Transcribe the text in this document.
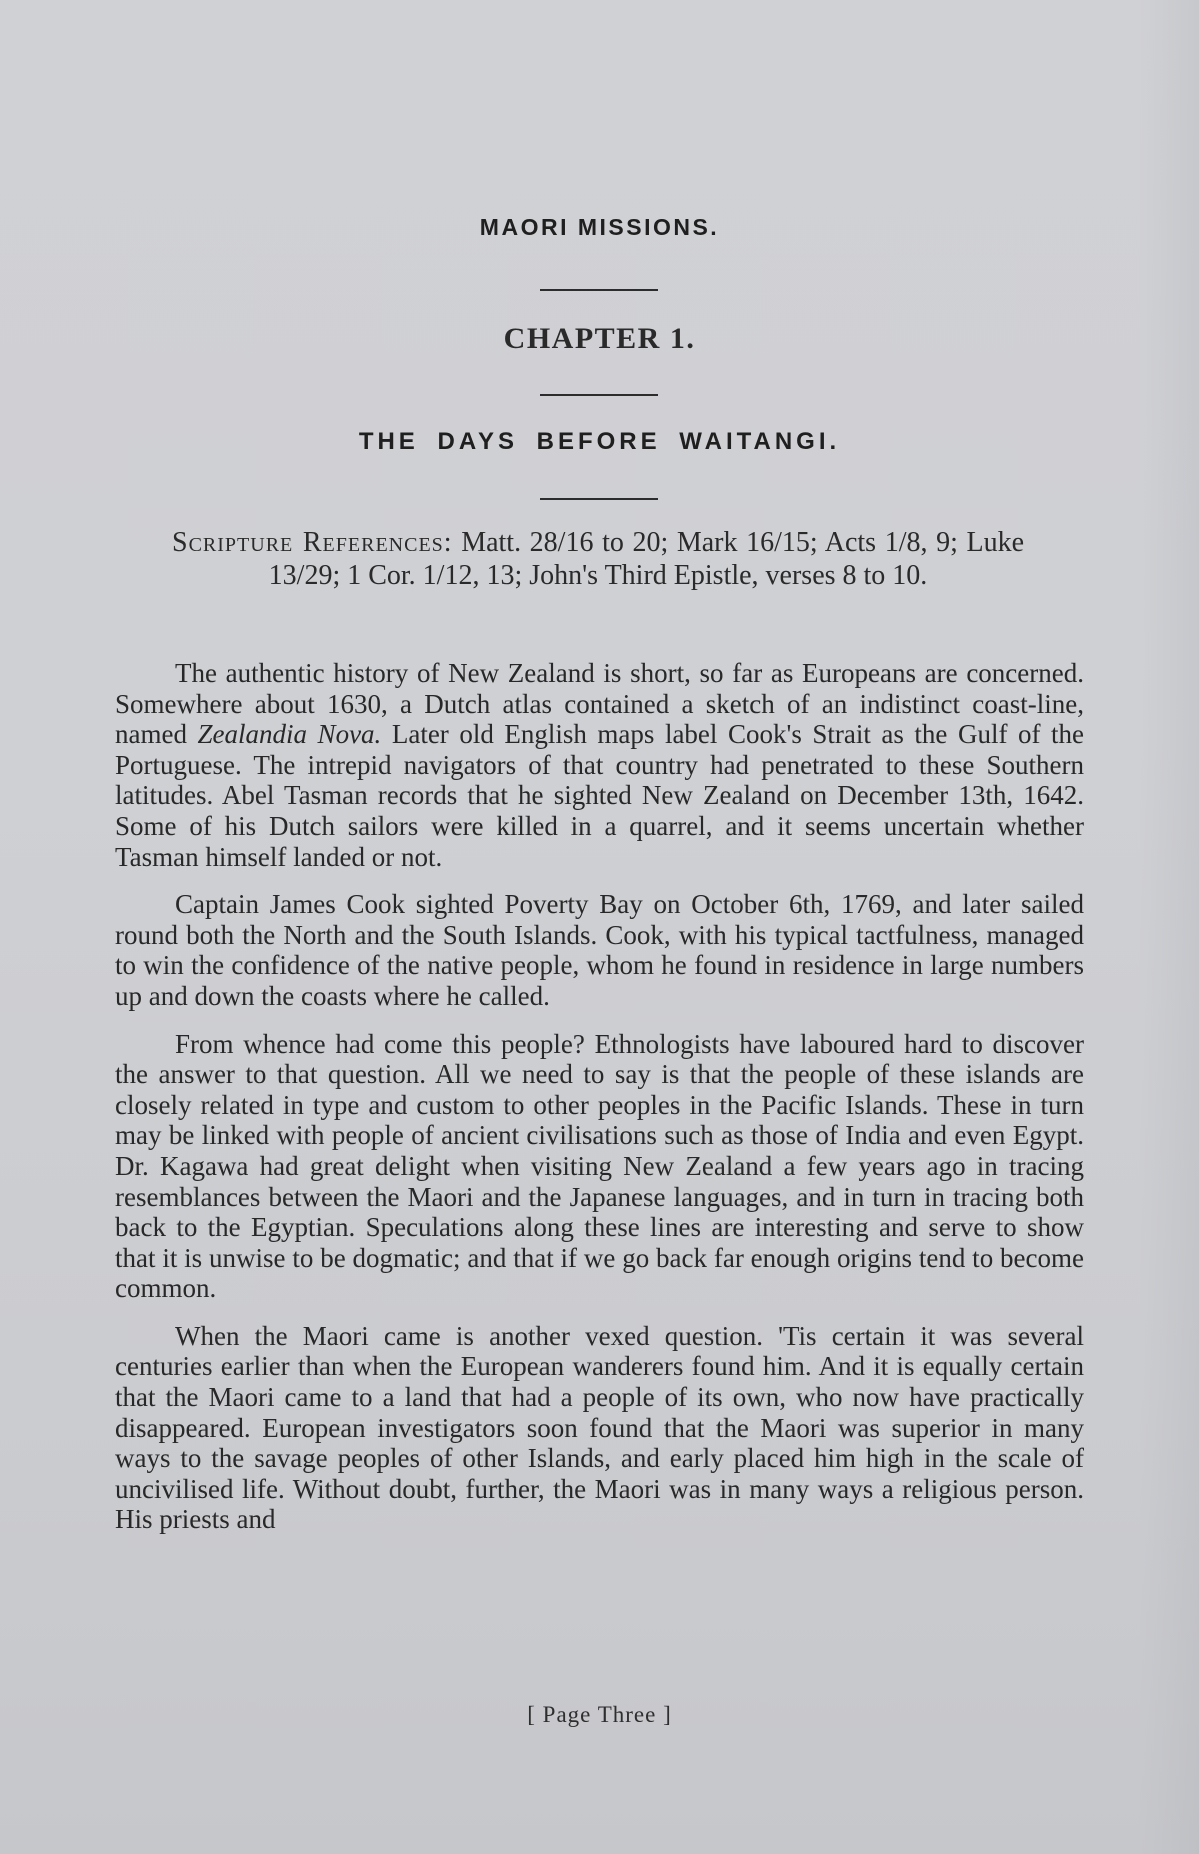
MAORI MISSIONS.
CHAPTER 1.
THE DAYS BEFORE WAITANGI.

Scripture References: Matt. 28/16 to 20; Mark 16/15; Acts 1/8, 9; Luke 13/29; 1 Cor. 1/12, 13; John's Third Epistle, verses 8 to 10.

The authentic history of New Zealand is short, so far as Europeans are concerned. Somewhere about 1630, a Dutch atlas contained a sketch of an indistinct coast-line, named Zealandia Nova. Later old English maps label Cook's Strait as the Gulf of the Portuguese. The intrepid navigators of that country had penetrated to these Southern latitudes. Abel Tasman records that he sighted New Zealand on December 13th, 1642. Some of his Dutch sailors were killed in a quarrel, and it seems uncertain whether Tasman himself landed or not.

Captain James Cook sighted Poverty Bay on October 6th, 1769, and later sailed round both the North and the South Islands. Cook, with his typical tactfulness, managed to win the confidence of the native people, whom he found in residence in large numbers up and down the coasts where he called.

From whence had come this people? Ethnologists have laboured hard to discover the answer to that question. All we need to say is that the people of these islands are closely related in type and custom to other peoples in the Pacific Islands. These in turn may be linked with people of ancient civilisations such as those of India and even Egypt. Dr. Kagawa had great delight when visiting New Zealand a few years ago in tracing resemblances between the Maori and the Japanese languages, and in turn in tracing both back to the Egyptian. Speculations along these lines are interesting and serve to show that it is unwise to be dogmatic; and that if we go back far enough origins tend to become common.

When the Maori came is another vexed question. 'Tis certain it was several centuries earlier than when the European wanderers found him. And it is equally certain that the Maori came to a land that had a people of its own, who now have practically disappeared. European investigators soon found that the Maori was superior in many ways to the savage peoples of other Islands, and early placed him high in the scale of uncivilised life. Without doubt, further, the Maori was in many ways a religious person. His priests and

[ Page Three ]
